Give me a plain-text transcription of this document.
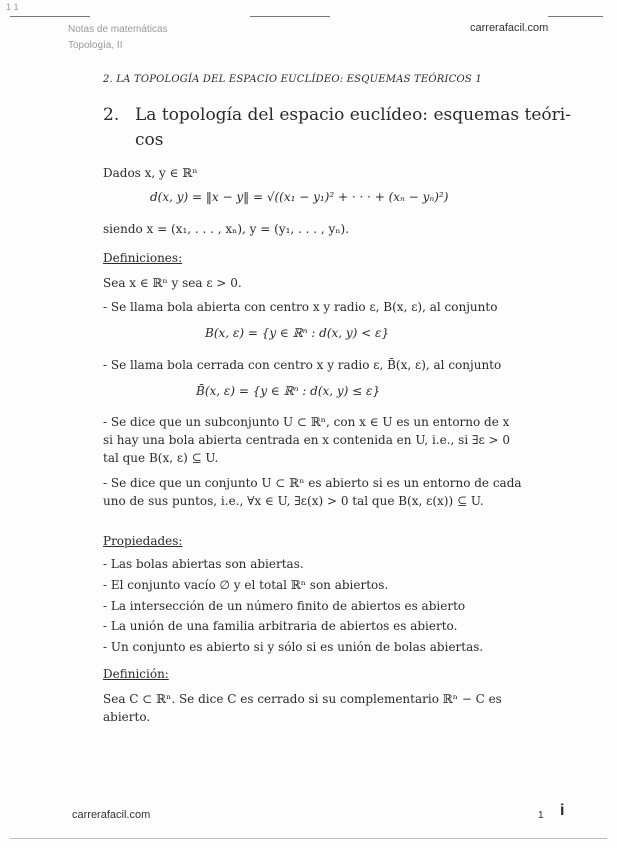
1 1
Notas de matemáticas
Topología, II
carrerafacil.com
2. LA TOPOLOGÍA DEL ESPACIO EUCLÍDEO: ESQUEMAS TEÓRICOS 1
2. La topología del espacio euclídeo: esquemas teóri-
cos
Dados x, y ∈ ℝⁿ
d(x, y) = ‖x − y‖ = √((x₁ − y₁)² + · · · + (xₙ − yₙ)²)
siendo x = (x₁, . . . , xₙ), y = (y₁, . . . , yₙ).
Definiciones:
Sea x ∈ ℝⁿ y sea ε > 0.
- Se llama bola abierta con centro x y radio ε, B(x, ε), al conjunto
B(x, ε) = {y ∈ ℝⁿ : d(x, y) < ε}
- Se llama bola cerrada con centro x y radio ε, B̄(x, ε), al conjunto
B̄(x, ε) = {y ∈ ℝⁿ : d(x, y) ≤ ε}
- Se dice que un subconjunto U ⊂ ℝⁿ, con x ∈ U es un entorno de x
si hay una bola abierta centrada en x contenida en U, i.e., si ∃ε > 0
tal que B(x, ε) ⊆ U.
- Se dice que un conjunto U ⊂ ℝⁿ es abierto si es un entorno de cada
uno de sus puntos, i.e., ∀x ∈ U, ∃ε(x) > 0 tal que B(x, ε(x)) ⊆ U.
Propiedades:
- Las bolas abiertas son abiertas.
- El conjunto vacío ∅ y el total ℝⁿ son abiertos.
- La intersección de un número finito de abiertos es abierto
- La unión de una familia arbitraria de abiertos es abierto.
- Un conjunto es abierto si y sólo si es unión de bolas abiertas.
Definición:
Sea C ⊂ ℝⁿ. Se dice C es cerrado si su complementario ℝⁿ − C es
abierto.
carrerafacil.com	1 i
